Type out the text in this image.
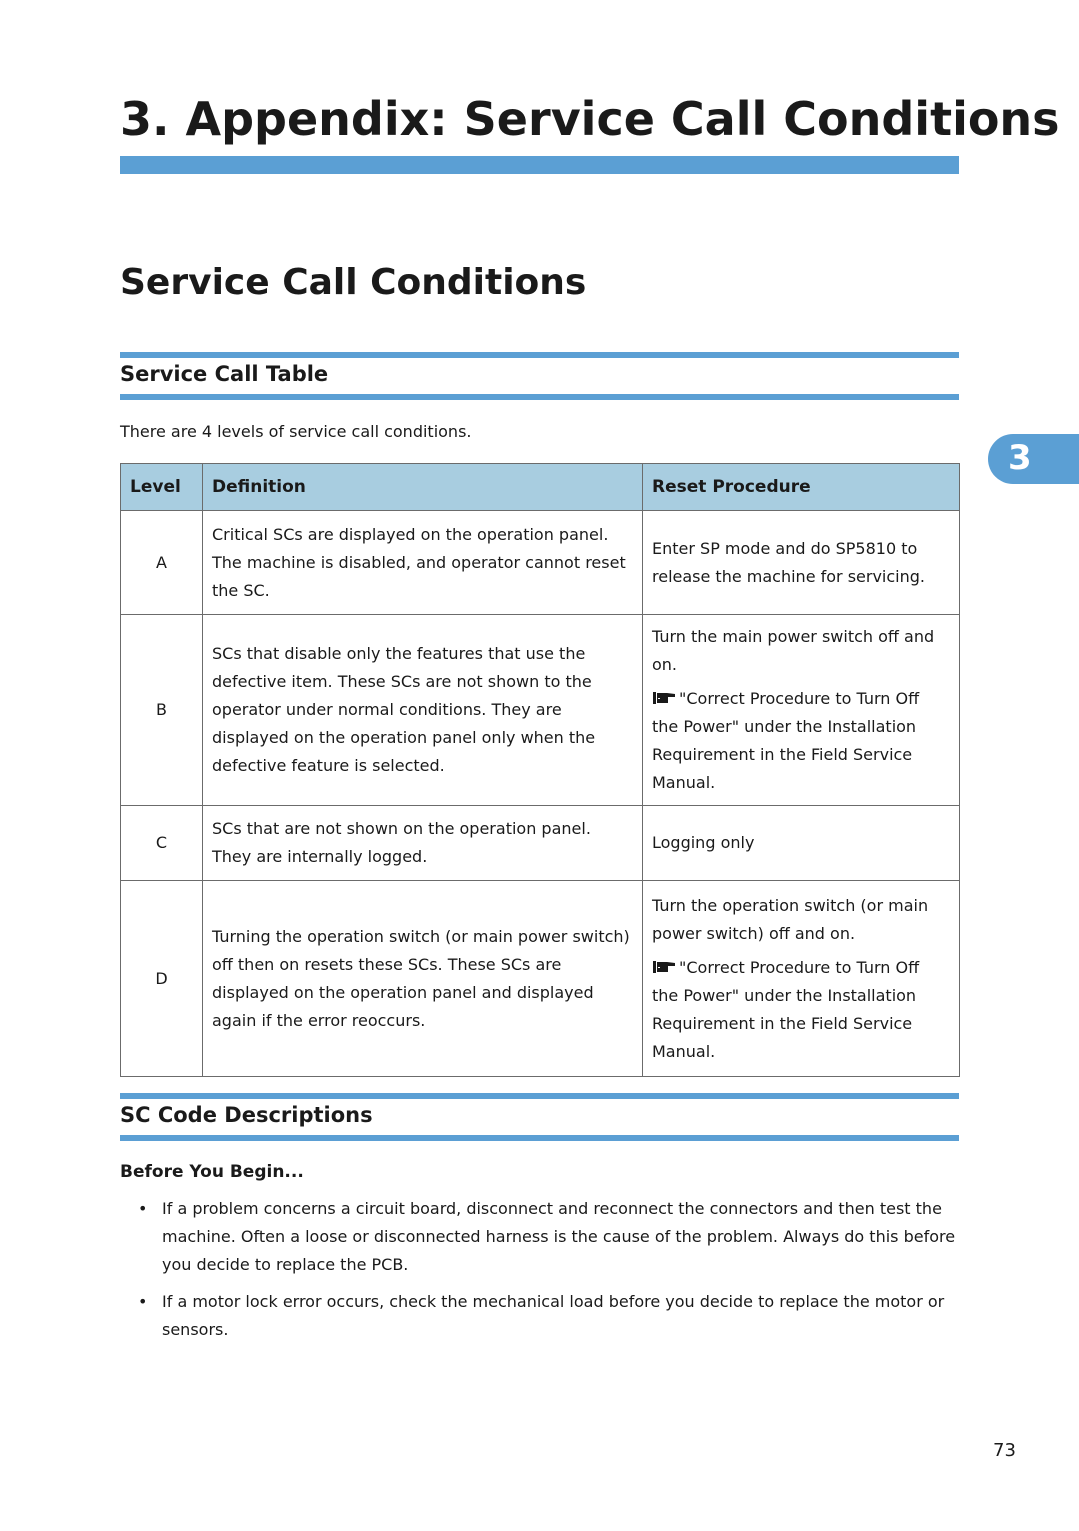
3. Appendix: Service Call Conditions
Service Call Conditions
Service Call Table
There are 4 levels of service call conditions.
Level	Definition	Reset Procedure
A	Critical SCs are displayed on the operation panel. The machine is disabled, and operator cannot reset the SC.	Enter SP mode and do SP5810 to release the machine for servicing.
B	SCs that disable only the features that use the defective item. These SCs are not shown to the operator under normal conditions. They are displayed on the operation panel only when the defective feature is selected.	Turn the main power switch off and on.
"Correct Procedure to Turn Off the Power" under the Installation Requirement in the Field Service Manual.

C	SCs that are not shown on the operation panel. They are internally logged.	Logging only
D	Turning the operation switch (or main power switch) off then on resets these SCs. These SCs are displayed on the operation panel and displayed again if the error reoccurs.	Turn the operation switch (or main power switch) off and on.
"Correct Procedure to Turn Off the Power" under the Installation Requirement in the Field Service Manual.
SC Code Descriptions
Before You Begin...
• If a problem concerns a circuit board, disconnect and reconnect the connectors and then test the machine. Often a loose or disconnected harness is the cause of the problem. Always do this before you decide to replace the PCB.
• If a motor lock error occurs, check the mechanical load before you decide to replace the motor or sensors.
3
73
